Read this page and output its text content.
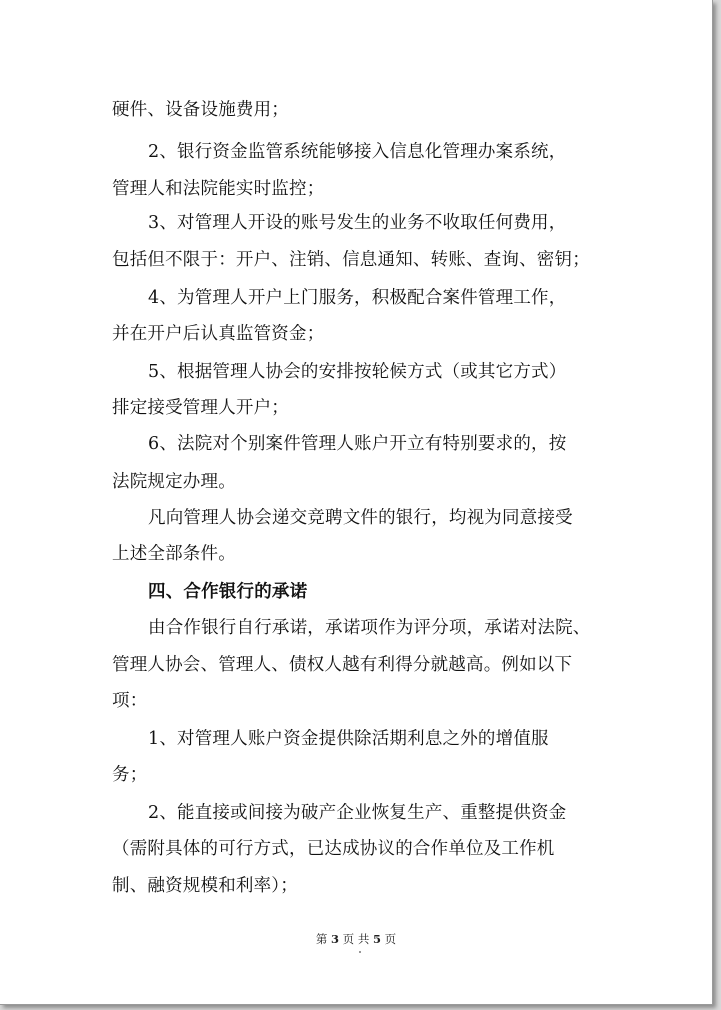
硬件、设备设施费用；
2、银行资金监管系统能够接入信息化管理办案系统，
管理人和法院能实时监控；
3、对管理人开设的账号发生的业务不收取任何费用，
包括但不限于：开户、注销、信息通知、转账、查询、密钥；
4、为管理人开户上门服务，积极配合案件管理工作，
并在开户后认真监管资金；
5、根据管理人协会的安排按轮候方式（或其它方式）
排定接受管理人开户；
6、法院对个别案件管理人账户开立有特别要求的，按
法院规定办理。
凡向管理人协会递交竞聘文件的银行，均视为同意接受
上述全部条件。
四、合作银行的承诺
由合作银行自行承诺，承诺项作为评分项，承诺对法院、
管理人协会、管理人、债权人越有利得分就越高。例如以下
项：
1、对管理人账户资金提供除活期利息之外的增值服
务；
2、能直接或间接为破产企业恢复生产、重整提供资金
（需附具体的可行方式，已达成协议的合作单位及工作机
制、融资规模和利率）；
第 3 页 共 5 页
